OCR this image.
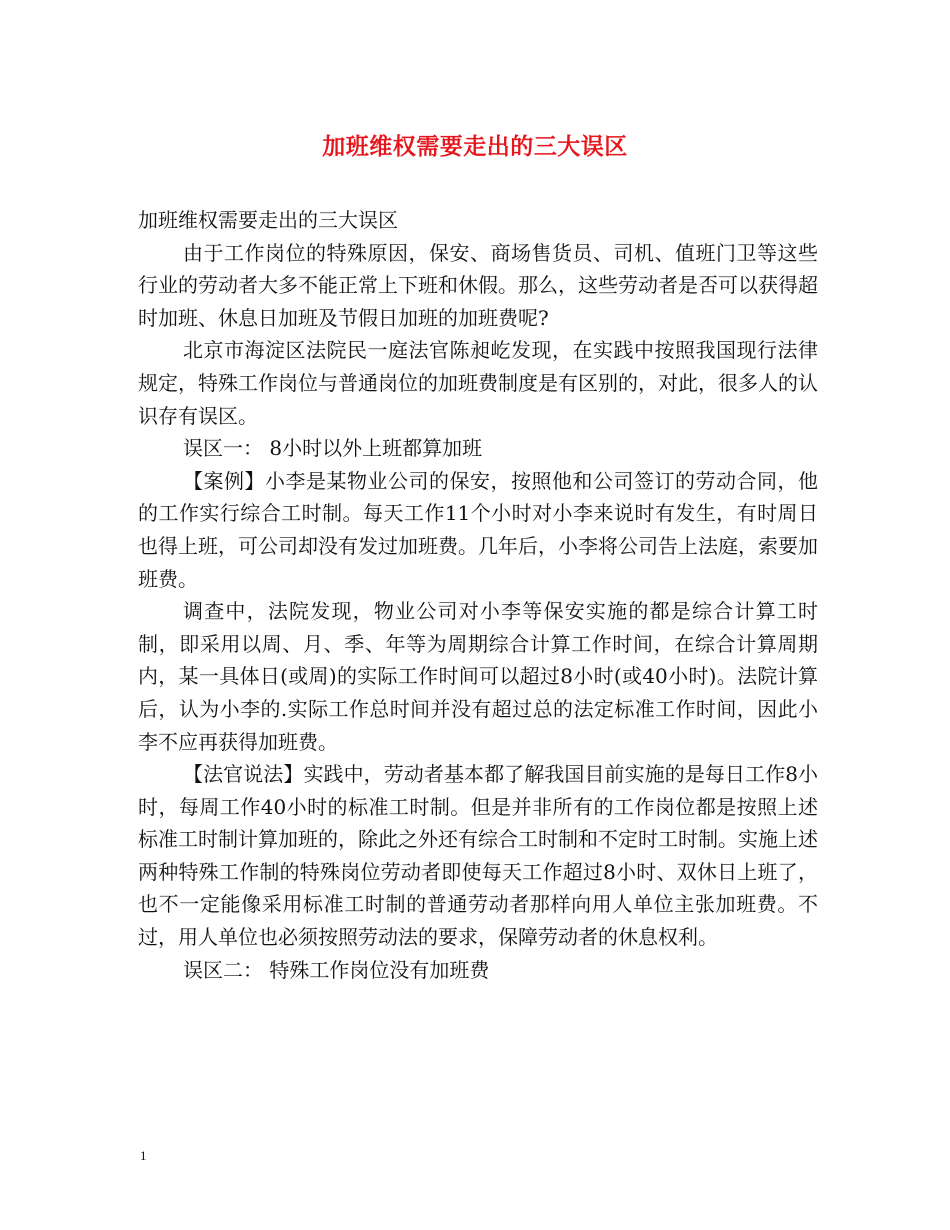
加班维权需要走出的三大误区

加班维权需要走出的三大误区

由于工作岗位的特殊原因，保安、商场售货员、司机、值班门卫等这些行业的劳动者大多不能正常上下班和休假。那么，这些劳动者是否可以获得超时加班、休息日加班及节假日加班的加班费呢?

北京市海淀区法院民一庭法官陈昶屹发现，在实践中按照我国现行法律规定，特殊工作岗位与普通岗位的加班费制度是有区别的，对此，很多人的认识存有误区。

误区一： 8小时以外上班都算加班

【案例】小李是某物业公司的保安，按照他和公司签订的劳动合同，他的工作实行综合工时制。每天工作11个小时对小李来说时有发生，有时周日也得上班，可公司却没有发过加班费。几年后，小李将公司告上法庭，索要加班费。

调查中，法院发现，物业公司对小李等保安实施的都是综合计算工时制，即采用以周、月、季、年等为周期综合计算工作时间，在综合计算周期内，某一具体日(或周)的实际工作时间可以超过8小时(或40小时)。法院计算后，认为小李的.实际工作总时间并没有超过总的法定标准工作时间，因此小李不应再获得加班费。

【法官说法】实践中，劳动者基本都了解我国目前实施的是每日工作8小时，每周工作40小时的标准工时制。但是并非所有的工作岗位都是按照上述标准工时制计算加班的，除此之外还有综合工时制和不定时工时制。实施上述两种特殊工作制的特殊岗位劳动者即使每天工作超过8小时、双休日上班了，也不一定能像采用标准工时制的普通劳动者那样向用人单位主张加班费。不过，用人单位也必须按照劳动法的要求，保障劳动者的休息权利。

误区二： 特殊工作岗位没有加班费

1
